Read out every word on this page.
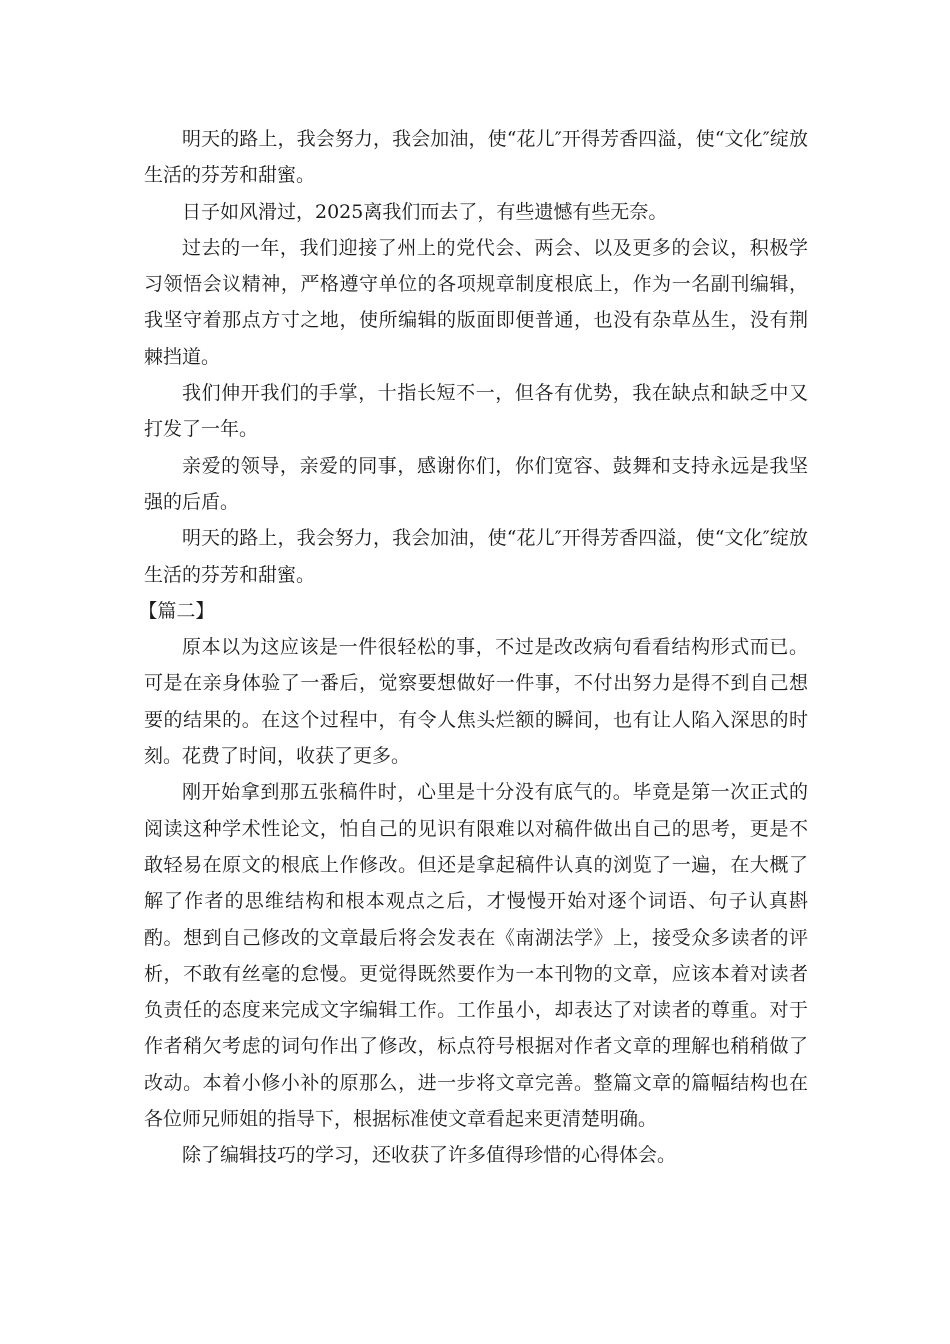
明天的路上，我会努力，我会加油，使“花儿″开得芳香四溢，使“文化″绽放生活的芬芳和甜蜜。

日子如风滑过，2025离我们而去了，有些遗憾有些无奈。

过去的一年，我们迎接了州上的党代会、两会、以及更多的会议，积极学习领悟会议精神，严格遵守单位的各项规章制度根底上，作为一名副刊编辑，我坚守着那点方寸之地，使所编辑的版面即便普通，也没有杂草丛生，没有荆棘挡道。

我们伸开我们的手掌，十指长短不一，但各有优势，我在缺点和缺乏中又打发了一年。

亲爱的领导，亲爱的同事，感谢你们，你们宽容、鼓舞和支持永远是我坚强的后盾。

明天的路上，我会努力，我会加油，使“花儿″开得芳香四溢，使“文化″绽放生活的芬芳和甜蜜。

【篇二】

原本以为这应该是一件很轻松的事，不过是改改病句看看结构形式而已。可是在亲身体验了一番后，觉察要想做好一件事，不付出努力是得不到自己想要的结果的。在这个过程中，有令人焦头烂额的瞬间，也有让人陷入深思的时刻。花费了时间，收获了更多。

刚开始拿到那五张稿件时，心里是十分没有底气的。毕竟是第一次正式的阅读这种学术性论文，怕自己的见识有限难以对稿件做出自己的思考，更是不敢轻易在原文的根底上作修改。但还是拿起稿件认真的浏览了一遍，在大概了解了作者的思维结构和根本观点之后，才慢慢开始对逐个词语、句子认真斟酌。想到自己修改的文章最后将会发表在《南湖法学》上，接受众多读者的评析，不敢有丝毫的怠慢。更觉得既然要作为一本刊物的文章，应该本着对读者负责任的态度来完成文字编辑工作。工作虽小，却表达了对读者的尊重。对于作者稍欠考虑的词句作出了修改，标点符号根据对作者文章的理解也稍稍做了改动。本着小修小补的原那么，进一步将文章完善。整篇文章的篇幅结构也在各位师兄师姐的指导下，根据标准使文章看起来更清楚明确。

除了编辑技巧的学习，还收获了许多值得珍惜的心得体会。
